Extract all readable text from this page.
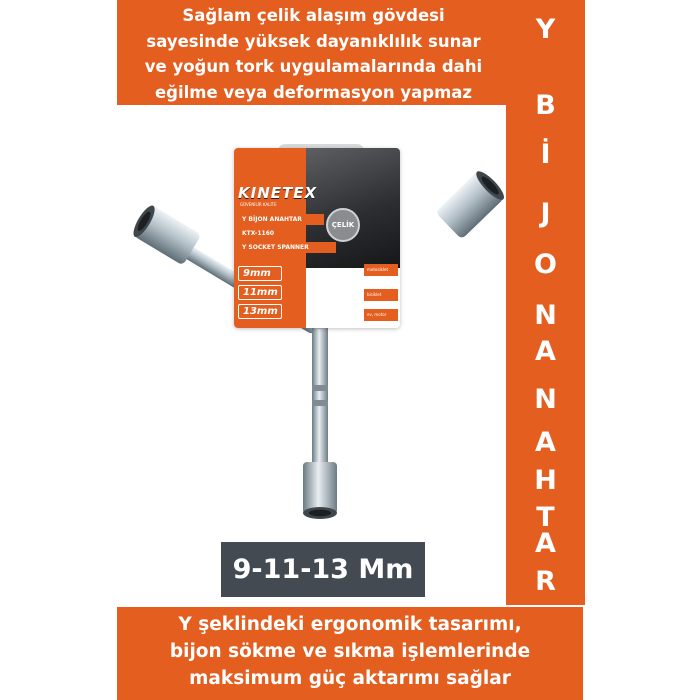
Sağlam çelik alaşım gövdesi
sayesinde yüksek dayanıklılık sunar
ve yoğun tork uygulamalarında dahi
eğilme veya deformasyon yapmaz
Y
B
İ
J
O
N
A
N
A
H
T
A
R
KINETEX
GÜVENİLİR KALİTE
Y BİJON ANAHTAR
KTX-1160
Y SOCKET SPANNER
9mm
11mm
13mm
ÇELİK
motosiklet
bisiklet
ev, motor
9-11-13 Mm
Y şeklindeki ergonomik tasarımı,
bijon sökme ve sıkma işlemlerinde
maksimum güç aktarımı sağlar
